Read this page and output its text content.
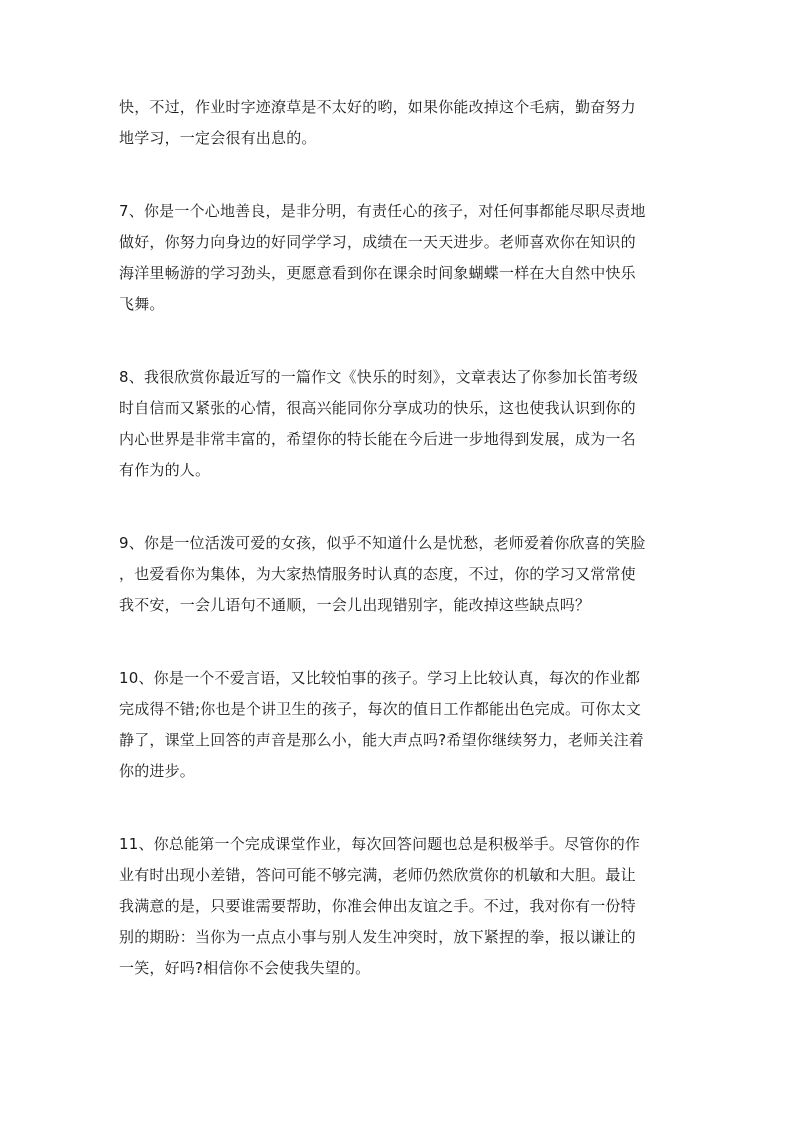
快，不过，作业时字迹潦草是不太好的哟，如果你能改掉这个毛病，勤奋努力
地学习，一定会很有出息的。

7、你是一个心地善良，是非分明，有责任心的孩子，对任何事都能尽职尽责地
做好，你努力向身边的好同学学习，成绩在一天天进步。老师喜欢你在知识的
海洋里畅游的学习劲头，更愿意看到你在课余时间象蝴蝶一样在大自然中快乐
飞舞。

8、我很欣赏你最近写的一篇作文《快乐的时刻》，文章表达了你参加长笛考级
时自信而又紧张的心情，很高兴能同你分享成功的快乐，这也使我认识到你的
内心世界是非常丰富的，希望你的特长能在今后进一步地得到发展，成为一名
有作为的人。

9、你是一位活泼可爱的女孩，似乎不知道什么是忧愁，老师爱着你欣喜的笑脸
，也爱看你为集体，为大家热情服务时认真的态度，不过，你的学习又常常使
我不安，一会儿语句不通顺，一会儿出现错别字，能改掉这些缺点吗？

10、你是一个不爱言语，又比较怕事的孩子。学习上比较认真，每次的作业都
完成得不错;你也是个讲卫生的孩子，每次的值日工作都能出色完成。可你太文
静了，课堂上回答的声音是那么小，能大声点吗?希望你继续努力，老师关注着
你的进步。

11、你总能第一个完成课堂作业，每次回答问题也总是积极举手。尽管你的作
业有时出现小差错，答问可能不够完满，老师仍然欣赏你的机敏和大胆。最让
我满意的是，只要谁需要帮助，你准会伸出友谊之手。不过，我对你有一份特
别的期盼：当你为一点点小事与别人发生冲突时，放下紧捏的拳，报以谦让的
一笑，好吗?相信你不会使我失望的。
